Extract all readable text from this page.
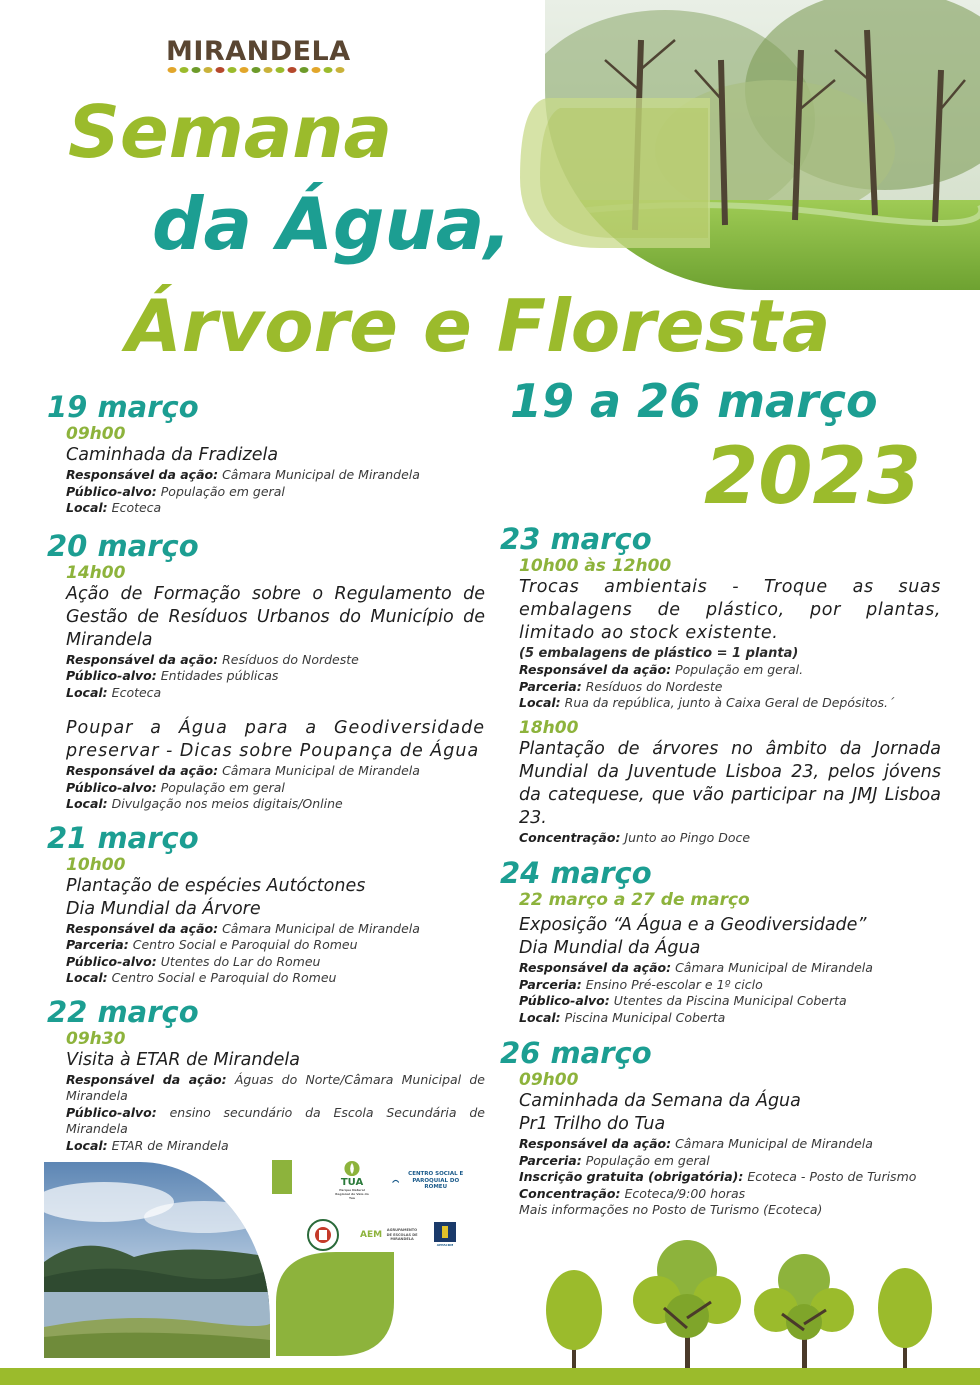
MIRANDELA
Semana
da Água,
Árvore e Floresta
19 a 26 março
2023
19 março
09h00
Caminhada da Fradizela
Responsável da ação: Câmara Municipal de Mirandela
Público-alvo: População em geral
Local: Ecoteca
20 março
14h00
Ação de Formação sobre o Regulamento de Gestão de Resíduos Urbanos do Município de Mirandela
Responsável da ação: Resíduos do Nordeste
Público-alvo: Entidades públicas
Local: Ecoteca
Poupar a Água para a Geodiversidade preservar - Dicas sobre Poupança de Água
Responsável da ação: Câmara Municipal de Mirandela
Público-alvo: População em geral
Local: Divulgação nos meios digitais/Online
21 março
10h00
Plantação de espécies Autóctones
Dia Mundial da Árvore
Responsável da ação: Câmara Municipal de Mirandela
Parceria: Centro Social e Paroquial do Romeu
Público-alvo: Utentes do Lar do Romeu
Local: Centro Social e Paroquial do Romeu
22 março
09h30
Visita à ETAR de Mirandela
Responsável da ação: Águas do Norte/Câmara Municipal de Mirandela
Público-alvo: ensino secundário da Escola Secundária de Mirandela
Local: ETAR de Mirandela
23 março
10h00 às 12h00
Trocas ambientais - Troque as suas embalagens de plástico, por plantas, limitado ao stock existente.
(5 embalagens de plástico = 1 planta)
Responsável da ação: População em geral.
Parceria: Resíduos do Nordeste
Local: Rua da república, junto à Caixa Geral de Depósitos.´
18h00
Plantação de árvores no âmbito da Jornada Mundial da Juventude Lisboa 23, pelos jóvens da catequese, que vão participar na JMJ Lisboa 23.
Concentração: Junto ao Pingo Doce
24 março
22 março a 27 de março
Exposição “A Água e a Geodiversidade”
Dia Mundial da Água
Responsável da ação: Câmara Municipal de Mirandela
Parceria: Ensino Pré-escolar e 1º ciclo
Público-alvo: Utentes da Piscina Municipal Coberta
Local: Piscina Municipal Coberta
26 março
09h00
Caminhada da Semana da Água
Pr1 Trilho do Tua
Responsável da ação: Câmara Municipal de Mirandela
Parceria: População em geral
Inscrição gratuita (obrigatória): Ecoteca - Posto de Turismo
Concentração: Ecoteca/9:00 horas
Mais informações no Posto de Turismo (Ecoteca)
TUA
Parque Natural Regional do Vale do Tua
CENTRO SOCIAL E PAROQUIAL DO ROMEU
AEM AGRUPAMENTO DE ESCOLAS DE MIRANDELA
APPACDM
